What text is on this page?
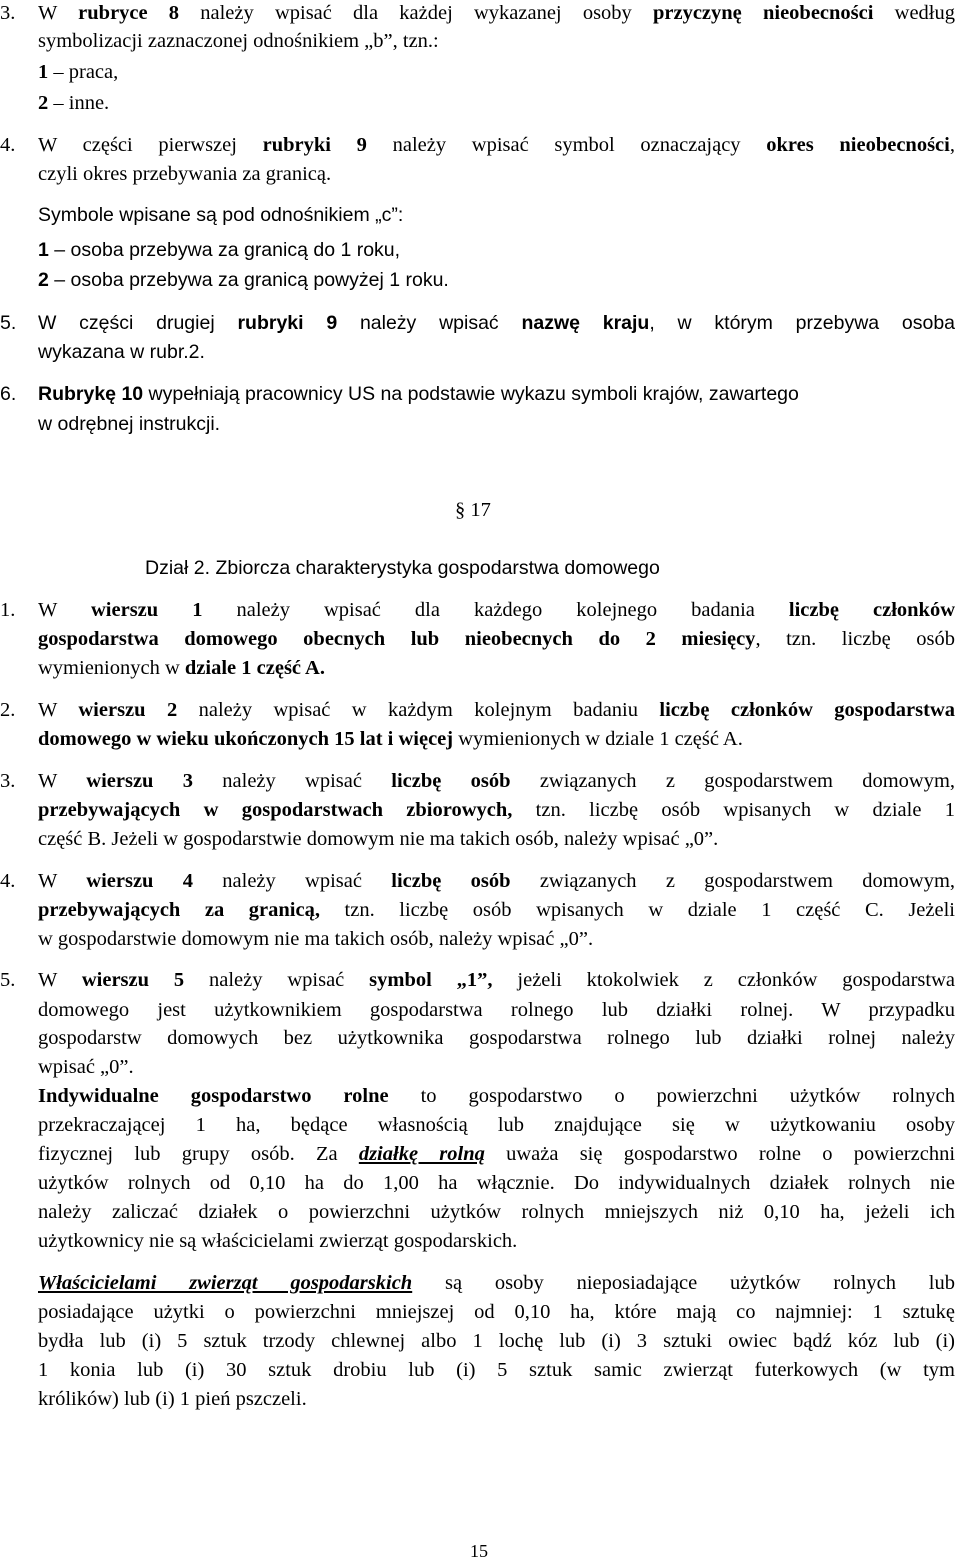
3. W rubryce 8 należy wpisać dla każdej wykazanej osoby przyczynę nieobecności według
symbolizacji zaznaczonej odnośnikiem „b”, tzn.:
1 – praca,
2 – inne.
4. W części pierwszej rubryki 9 należy wpisać symbol oznaczający okres nieobecności,
czyli okres przebywania za granicą.
Symbole wpisane są pod odnośnikiem „c”:
1 – osoba przebywa za granicą do 1 roku,
2 – osoba przebywa za granicą powyżej 1 roku.
5. W części drugiej rubryki 9 należy wpisać nazwę kraju, w którym przebywa osoba
wykazana w rubr.2.
6. Rubrykę 10 wypełniają pracownicy US na podstawie wykazu symboli krajów, zawartego
w odrębnej instrukcji.
§ 17
Dział 2. Zbiorcza charakterystyka gospodarstwa domowego
1. W wierszu 1 należy wpisać dla każdego kolejnego badania liczbę członków
gospodarstwa domowego obecnych lub nieobecnych do 2 miesięcy, tzn. liczbę osób
wymienionych w dziale 1 część A.
2. W wierszu 2 należy wpisać w każdym kolejnym badaniu liczbę członków gospodarstwa
domowego w wieku ukończonych 15 lat i więcej wymienionych w dziale 1 część A.
3. W wierszu 3 należy wpisać liczbę osób związanych z gospodarstwem domowym,
przebywających w gospodarstwach zbiorowych, tzn. liczbę osób wpisanych w dziale 1
część B. Jeżeli w gospodarstwie domowym nie ma takich osób, należy wpisać „0”.
4. W wierszu 4 należy wpisać liczbę osób związanych z gospodarstwem domowym,
przebywających za granicą, tzn. liczbę osób wpisanych w dziale 1 część C. Jeżeli
w gospodarstwie domowym nie ma takich osób, należy wpisać „0”.
5. W wierszu 5 należy wpisać symbol „1”, jeżeli ktokolwiek z członków gospodarstwa
domowego jest użytkownikiem gospodarstwa rolnego lub działki rolnej. W przypadku
gospodarstw domowych bez użytkownika gospodarstwa rolnego lub działki rolnej należy
wpisać „0”.
Indywidualne gospodarstwo rolne to gospodarstwo o powierzchni użytków rolnych
przekraczającej 1 ha, będące własnością lub znajdujące się w użytkowaniu osoby
fizycznej lub grupy osób. Za działkę rolną uważa się gospodarstwo rolne o powierzchni
użytków rolnych od 0,10 ha do 1,00 ha włącznie. Do indywidualnych działek rolnych nie
należy zaliczać działek o powierzchni użytków rolnych mniejszych niż 0,10 ha, jeżeli ich
użytkownicy nie są właścicielami zwierząt gospodarskich.
Właścicielami zwierząt gospodarskich są osoby nieposiadające użytków rolnych lub
posiadające użytki o powierzchni mniejszej od 0,10 ha, które mają co najmniej: 1 sztukę
bydła lub (i) 5 sztuk trzody chlewnej albo 1 lochę lub (i) 3 sztuki owiec bądź kóz lub (i)
1 konia lub (i) 30 sztuk drobiu lub (i) 5 sztuk samic zwierząt futerkowych (w tym
królików) lub (i) 1 pień pszczeli.
15
